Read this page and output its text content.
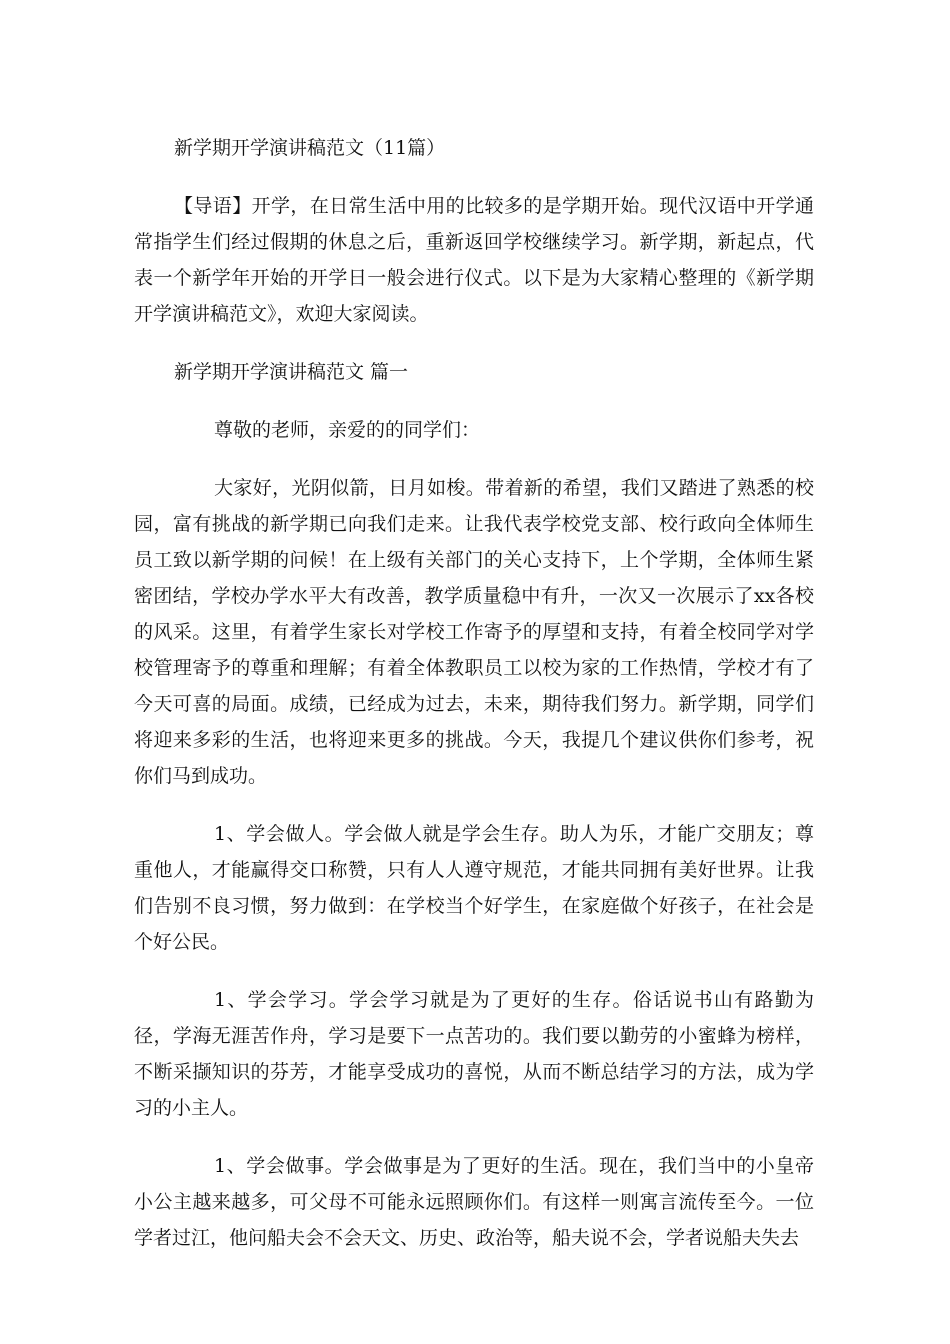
新学期开学演讲稿范文（11篇）

【导语】开学，在日常生活中用的比较多的是学期开始。现代汉语中开学通常指学生们经过假期的休息之后，重新返回学校继续学习。新学期，新起点，代表一个新学年开始的开学日一般会进行仪式。以下是为大家精心整理的《新学期开学演讲稿范文》，欢迎大家阅读。

新学期开学演讲稿范文 篇一
尊敬的老师，亲爱的的同学们：

大家好，光阴似箭，日月如梭。带着新的希望，我们又踏进了熟悉的校园，富有挑战的新学期已向我们走来。让我代表学校党支部、校行政向全体师生员工致以新学期的问候！在上级有关部门的关心支持下，上个学期，全体师生紧密团结，学校办学水平大有改善，教学质量稳中有升，一次又一次展示了xx各校的风采。这里，有着学生家长对学校工作寄予的厚望和支持，有着全校同学对学校管理寄予的尊重和理解；有着全体教职员工以校为家的工作热情，学校才有了今天可喜的局面。成绩，已经成为过去，未来，期待我们努力。新学期，同学们将迎来多彩的生活，也将迎来更多的挑战。今天，我提几个建议供你们参考，祝你们马到成功。

1、学会做人。学会做人就是学会生存。助人为乐，才能广交朋友；尊重他人，才能赢得交口称赞，只有人人遵守规范，才能共同拥有美好世界。让我们告别不良习惯，努力做到：在学校当个好学生，在家庭做个好孩子，在社会是个好公民。

1、学会学习。学会学习就是为了更好的生存。俗话说书山有路勤为径，学海无涯苦作舟，学习是要下一点苦功的。我们要以勤劳的小蜜蜂为榜样，不断采撷知识的芬芳，才能享受成功的喜悦，从而不断总结学习的方法，成为学习的小主人。

1、学会做事。学会做事是为了更好的生活。现在，我们当中的小皇帝小公主越来越多，可父母不可能永远照顾你们。有这样一则寓言流传至今。一位学者过江，他问船夫会不会天文、历史、政治等，船夫说不会，学者说船夫失去
